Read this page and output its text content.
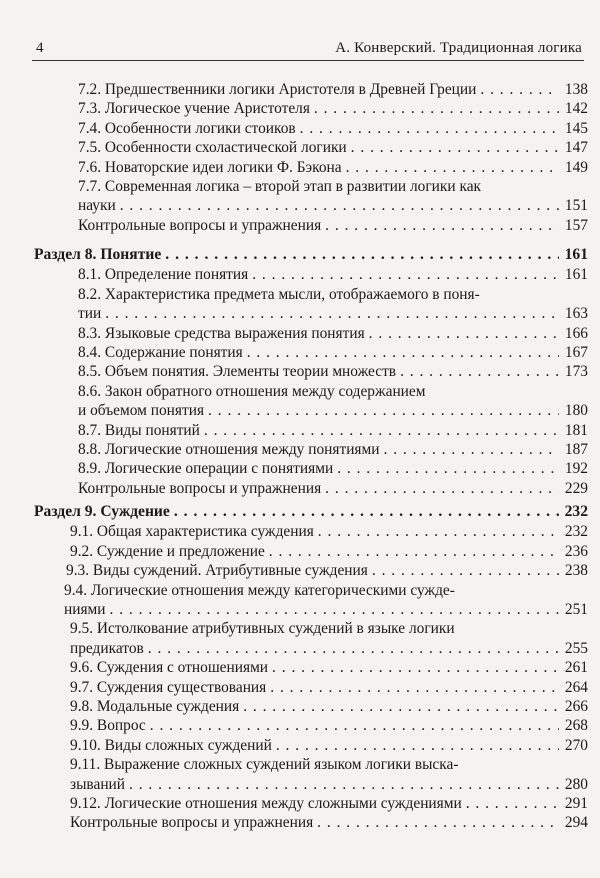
4	А. Конверский. Традиционная логика
7.2. Предшественники логики Аристотеля в Древней Греции . . .	138
7.3. Логическое учение Аристотеля . . .	142
7.4. Особенности логики стоиков . . .	145
7.5. Особенности схоластической логики . . .	147
7.6. Новаторские идеи логики Ф. Бэкона . . .	149
7.7. Современная логика – второй этап в развитии логики как
науки . . .	151
Контрольные вопросы и упражнения . . .	157
Раздел 8. Понятие . . .	161
8.1. Определение понятия . . .	161
8.2. Характеристика предмета мысли, отображаемого в поня-
тии . . .	163
8.3. Языковые средства выражения понятия . . .	166
8.4. Содержание понятия . . .	167
8.5. Объем понятия. Элементы теории множеств . . .	173
8.6. Закон обратного отношения между содержанием
и объемом понятия . . .	180
8.7. Виды понятий . . .	181
8.8. Логические отношения между понятиями . . .	187
8.9. Логические операции с понятиями . . .	192
Контрольные вопросы и упражнения . . .	229
Раздел 9. Суждение . . .	232
9.1. Общая характеристика суждения . . .	232
9.2. Суждение и предложение . . .	236
9.3. Виды суждений. Атрибутивные суждения . . .	238
9.4. Логические отношения между категорическими сужде-
ниями . . .	251
9.5. Истолкование атрибутивных суждений в языке логики
предикатов . . .	255
9.6. Суждения с отношениями . . .	261
9.7. Суждения существования . . .	264
9.8. Модальные суждения . . .	266
9.9. Вопрос . . .	268
9.10. Виды сложных суждений . . .	270
9.11. Выражение сложных суждений языком логики выска-
зываний . . .	280
9.12. Логические отношения между сложными суждениями . . .	291
Контрольные вопросы и упражнения . . .	294
